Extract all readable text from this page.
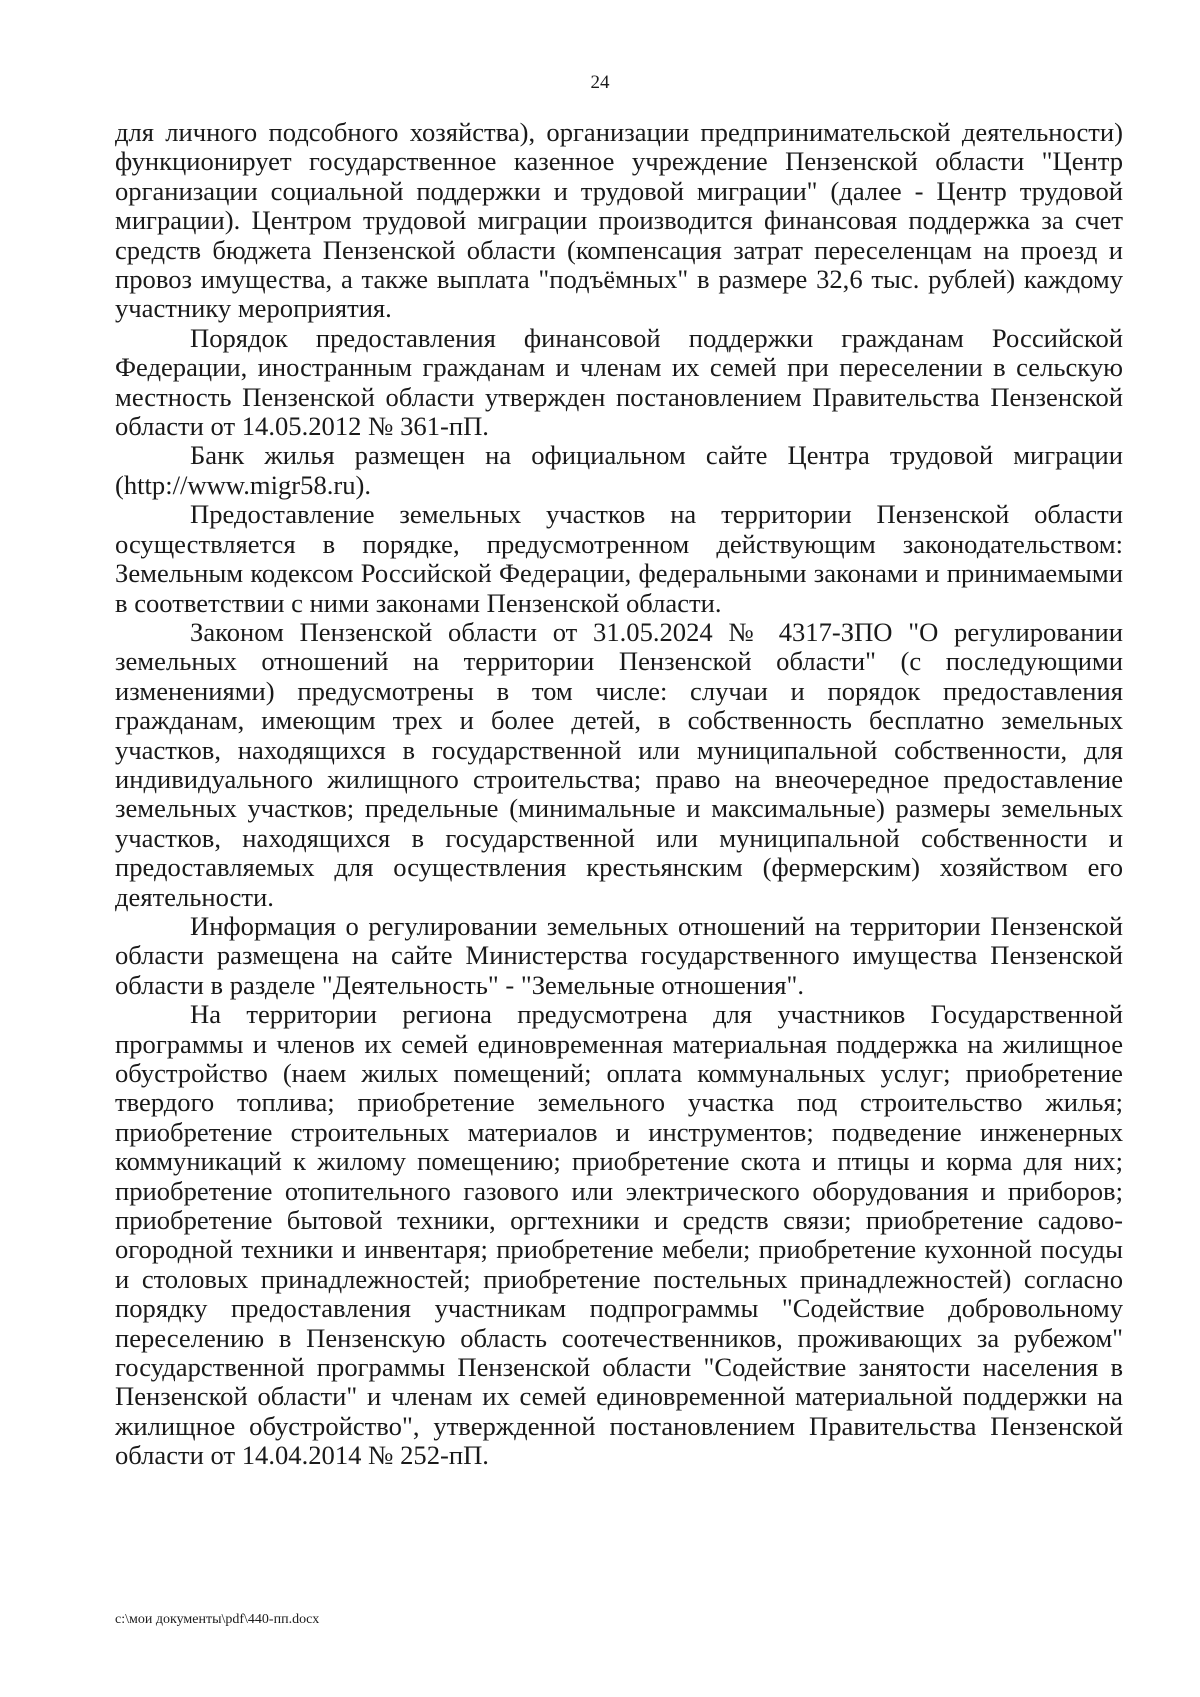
24

для личного подсобного хозяйства), организации предпринимательской деятельности) функционирует государственное казенное учреждение Пензенской области "Центр организации социальной поддержки и трудовой миграции" (далее - Центр трудовой миграции). Центром трудовой миграции производится финансовая поддержка за счет средств бюджета Пензенской области (компенсация затрат переселенцам на проезд и провоз имущества, а также выплата "подъёмных" в размере 32,6 тыс. рублей) каждому участнику мероприятия.

Порядок предоставления финансовой поддержки гражданам Российской Федерации, иностранным гражданам и членам их семей при переселении в сельскую местность Пензенской области утвержден постановлением Правительства Пензенской области от 14.05.2012 № 361-пП.

Банк жилья размещен на официальном сайте Центра трудовой миграции (http://www.migr58.ru).

Предоставление земельных участков на территории Пензенской области осуществляется в порядке, предусмотренном действующим законодательством: Земельным кодексом Российской Федерации, федеральными законами и принимаемыми в соответствии с ними законами Пензенской области.

Законом Пензенской области от 31.05.2024 № 4317-ЗПО "О регулировании земельных отношений на территории Пензенской области" (с последующими изменениями) предусмотрены в том числе: случаи и порядок предоставления гражданам, имеющим трех и более детей, в собственность бесплатно земельных участков, находящихся в государственной или муниципальной собственности, для индивидуального жилищного строительства; право на внеочередное предоставление земельных участков; предельные (минимальные и максимальные) размеры земельных участков, находящихся в государственной или муниципальной собственности и предоставляемых для осуществления крестьянским (фермерским) хозяйством его деятельности.

Информация о регулировании земельных отношений на территории Пензенской области размещена на сайте Министерства государственного имущества Пензенской области в разделе "Деятельность" - "Земельные отношения".

На территории региона предусмотрена для участников Государственной программы и членов их семей единовременная материальная поддержка на жилищное обустройство (наем жилых помещений; оплата коммунальных услуг; приобретение твердого топлива; приобретение земельного участка под строительство жилья; приобретение строительных материалов и инструментов; подведение инженерных коммуникаций к жилому помещению; приобретение скота и птицы и корма для них; приобретение отопительного газового или электрического оборудования и приборов; приобретение бытовой техники, оргтехники и средств связи; приобретение садово-огородной техники и инвентаря; приобретение мебели; приобретение кухонной посуды и столовых принадлежностей; приобретение постельных принадлежностей) согласно порядку предоставления участникам подпрограммы "Содействие добровольному переселению в Пензенскую область соотечественников, проживающих за рубежом" государственной программы Пензенской области "Содействие занятости населения в Пензенской области" и членам их семей единовременной материальной поддержки на жилищное обустройство", утвержденной постановлением Правительства Пензенской области от 14.04.2014 № 252-пП.

c:\мои документы\pdf\440-пп.docx
